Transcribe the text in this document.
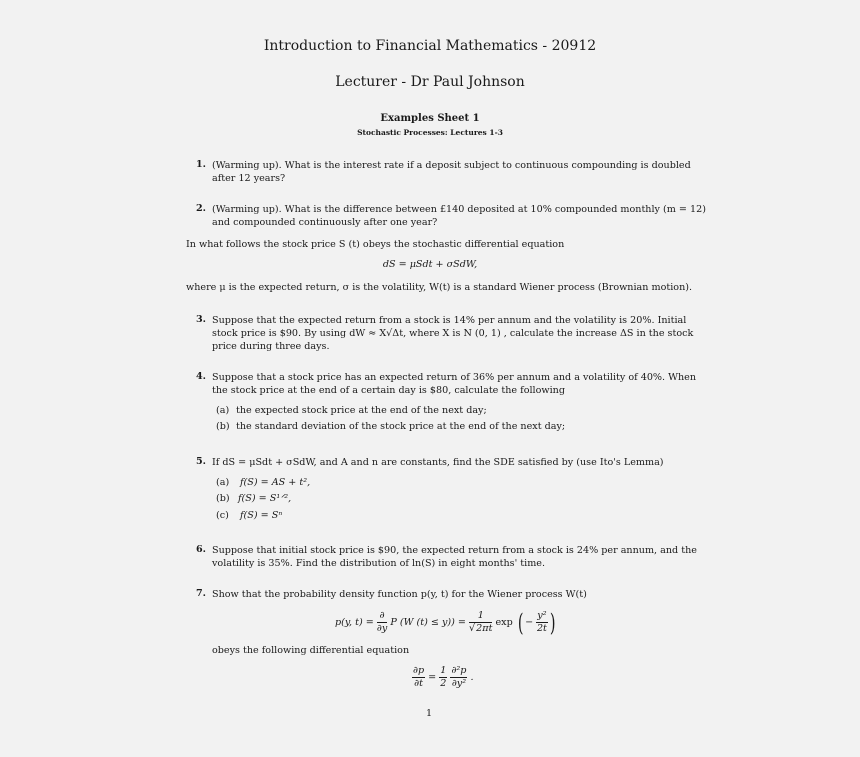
Introduction to Financial Mathematics - 20912
Lecturer - Dr Paul Johnson
Examples Sheet 1
Stochastic Processes: Lectures 1-3
1. (Warming up). What is the interest rate if a deposit subject to continuous compounding is doubled
after 12 years?
2. (Warming up). What is the difference between £140 deposited at 10% compounded monthly (m = 12)
and compounded continuously after one year?
In what follows the stock price S (t) obeys the stochastic differential equation
dS = μSdt + σSdW,
where μ is the expected return, σ is the volatility, W(t) is a standard Wiener process (Brownian motion).
3. Suppose that the expected return from a stock is 14% per annum and the volatility is 20%. Initial
stock price is $90. By using dW ≈ X√Δt, where X is N (0, 1) , calculate the increase ΔS in the stock
price during three days.
4. Suppose that a stock price has an expected return of 36% per annum and a volatility of 40%. When
the stock price at the end of a certain day is $80, calculate the following
(a) the expected stock price at the end of the next day;
(b) the standard deviation of the stock price at the end of the next day;
5. If dS = μSdt + σSdW, and A and n are constants, find the SDE satisfied by (use Ito's Lemma)
(a) f(S) = AS + t²,
(b) f(S) = S¹ᐟ²,
(c) f(S) = Sⁿ
6. Suppose that initial stock price is $90, the expected return from a stock is 24% per annum, and the
volatility is 35%. Find the distribution of ln(S) in eight months' time.
7. Show that the probability density function p(y, t) for the Wiener process W(t)
p(y, $t) = \frac{\partial}{\partial y}$ P (W $(t) \le y)) = \frac{1}{√2\pi t}$ exp ( − $\frac{\text{y²}}{2t}$ )
obeys the following differential equation
$\frac{\partial p}{\partial t} = \frac{1}{2}$
$\frac{\text{∂²p}}{\text{∂y²}}$ .
1
